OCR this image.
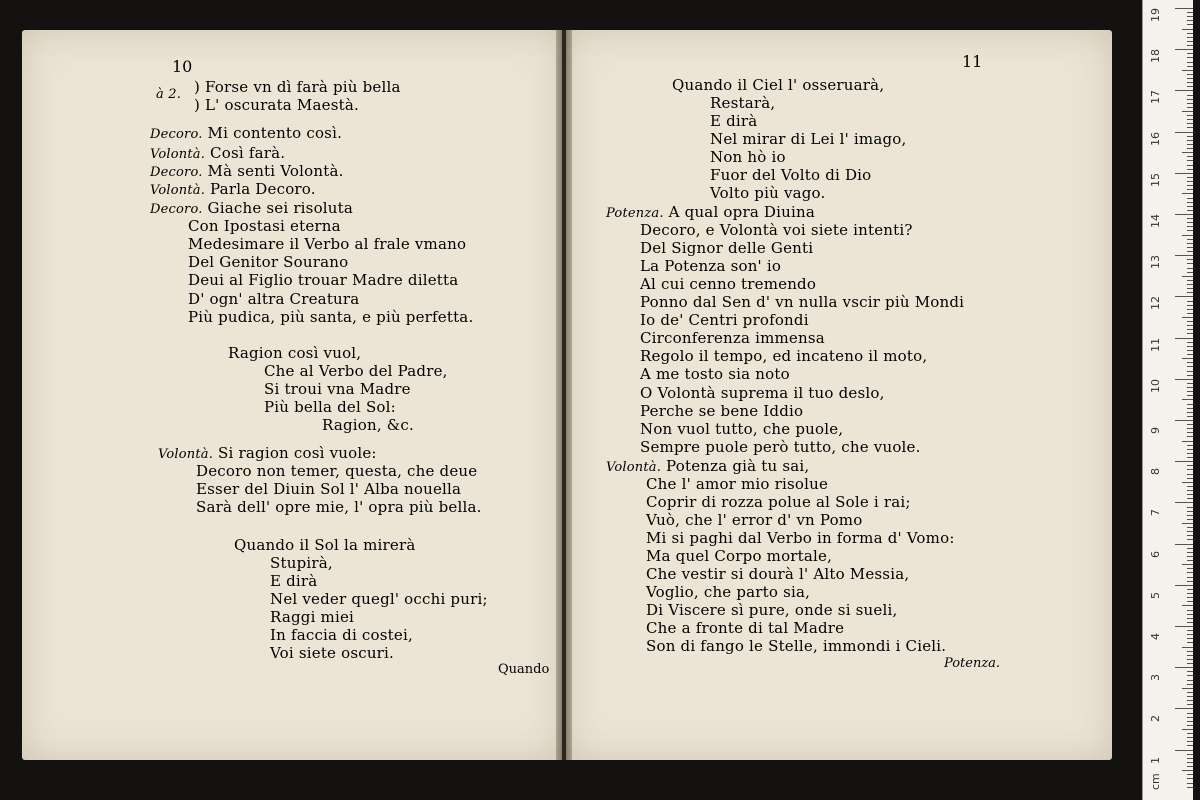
10
à 2. ) Forse vn dì farà più bella
) L' oscurata Maestà.
Decoro. Mi contento così.
Volontà. Così farà.
Decoro. Mà senti Volontà.
Volontà. Parla Decoro.
Decoro. Giache sei risoluta
Con Ipostasi eterna
Medesimare il Verbo al frale vmano
Del Genitor Sourano
Deui al Figlio trouar Madre diletta
D' ogn' altra Creatura
Più pudica, più santa, e più perfetta.
Ragion così vuol,
Che al Verbo del Padre,
Si troui vna Madre
Più bella del Sol:
Ragion, &c.
Volontà. Si ragion così vuole:
Decoro non temer, questa, che deue
Esser del Diuin Sol l' Alba nouella
Sarà dell' opre mie, l' opra più bella.
Quando il Sol la mirerà
Stupirà,
E dirà
Nel veder quegl' occhi puri;
Raggi miei
In faccia di costei,
Voi siete oscuri.
Quando
11
Quando il Ciel l' osseruarà,
Restarà,
E dirà
Nel mirar di Lei l' imago,
Non hò io
Fuor del Volto di Dio
Volto più vago.
Potenza. A qual opra Diuina
Decoro, e Volontà voi siete intenti?
Del Signor delle Genti
La Potenza son' io
Al cui cenno tremendo
Ponno dal Sen d' vn nulla vscir più Mondi
Io de' Centri profondi
Circonferenza immensa
Regolo il tempo, ed incateno il moto,
A me tosto sia noto
O Volontà suprema il tuo deslo,
Perche se bene Iddio
Non vuol tutto, che puole,
Sempre puole però tutto, che vuole.
Volontà. Potenza già tu sai,
Che l' amor mio risolue
Coprir di rozza polue al Sole i rai;
Vuò, che l' error d' vn Pomo
Mi si paghi dal Verbo in forma d' Vomo:
Ma quel Corpo mortale,
Che vestir si dourà l' Alto Messia,
Voglio, che parto sia,
Di Viscere sì pure, onde si sueli,
Che a fronte di tal Madre
Son di fango le Stelle, immondi i Cieli.
Potenza.
19
18
17
16
15
14
13
12
11
10
9
8
7
6
5
4
3
2
1
cm
